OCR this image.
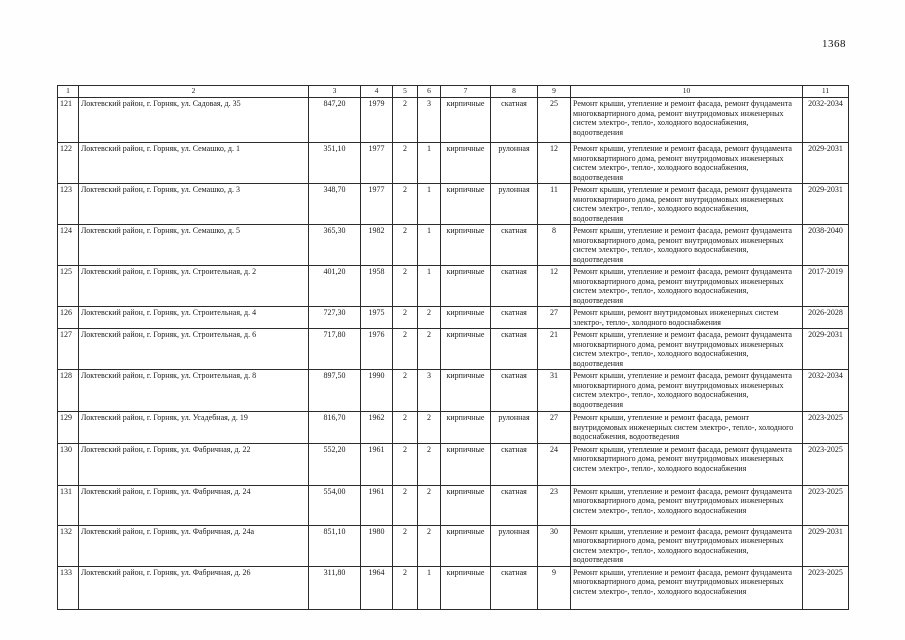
1368
1	2	3	4	5	6	7	8	9	10	11
121	Локтевский район, г. Горняк, ул. Садовая, д. 35	847,20	1979	2	3	кирпичные	скатная	25	Ремонт крыши, утепление и ремонт фасада, ремонт фундамента многоквартирного дома, ремонт внутридомовых инженерных систем электро-, тепло-, холодного водоснабжения, водоотведения	2032-2034
122	Локтевский район, г. Горняк, ул. Семашко, д. 1	351,10	1977	2	1	кирпичные	рулонная	12	Ремонт крыши, утепление и ремонт фасада, ремонт фундамента многоквартирного дома, ремонт внутридомовых инженерных систем электро-, тепло-, холодного водоснабжения, водоотведения	2029-2031
123	Локтевский район, г. Горняк, ул. Семашко, д. 3	348,70	1977	2	1	кирпичные	рулонная	11	Ремонт крыши, утепление и ремонт фасада, ремонт фундамента многоквартирного дома, ремонт внутридомовых инженерных систем электро-, тепло-, холодного водоснабжения, водоотведения	2029-2031
124	Локтевский район, г. Горняк, ул. Семашко, д. 5	365,30	1982	2	1	кирпичные	скатная	8	Ремонт крыши, утепление и ремонт фасада, ремонт фундамента многоквартирного дома, ремонт внутридомовых инженерных систем электро-, тепло-, холодного водоснабжения, водоотведения	2038-2040
125	Локтевский район, г. Горняк, ул. Строительная, д. 2	401,20	1958	2	1	кирпичные	скатная	12	Ремонт крыши, утепление и ремонт фасада, ремонт фундамента многоквартирного дома, ремонт внутридомовых инженерных систем электро-, тепло-, холодного водоснабжения, водоотведения	2017-2019
126	Локтевский район, г. Горняк, ул. Строительная, д. 4	727,30	1975	2	2	кирпичные	скатная	27	Ремонт крыши, ремонт внутридомовых инженерных систем электро-, тепло-, холодного водоснабжения	2026-2028
127	Локтевский район, г. Горняк, ул. Строительная, д. 6	717,80	1976	2	2	кирпичные	скатная	21	Ремонт крыши, утепление и ремонт фасада, ремонт фундамента многоквартирного дома, ремонт внутридомовых инженерных систем электро-, тепло-, холодного водоснабжения, водоотведения	2029-2031
128	Локтевский район, г. Горняк, ул. Строительная, д. 8	897,50	1990	2	3	кирпичные	скатная	31	Ремонт крыши, утепление и ремонт фасада, ремонт фундамента многоквартирного дома, ремонт внутридомовых инженерных систем электро-, тепло-, холодного водоснабжения, водоотведения	2032-2034
129	Локтевский район, г. Горняк, ул. Усадебная, д. 19	816,70	1962	2	2	кирпичные	рулонная	27	Ремонт крыши, утепление и ремонт фасада, ремонт внутридомовых инженерных систем электро-, тепло-, холодного водоснабжения, водоотведения	2023-2025
130	Локтевский район, г. Горняк, ул. Фабричная, д. 22	552,20	1961	2	2	кирпичные	скатная	24	Ремонт крыши, утепление и ремонт фасада, ремонт фундамента многоквартирного дома, ремонт внутридомовых инженерных систем электро-, тепло-, холодного водоснабжения	2023-2025
131	Локтевский район, г. Горняк, ул. Фабричная, д. 24	554,00	1961	2	2	кирпичные	скатная	23	Ремонт крыши, утепление и ремонт фасада, ремонт фундамента многоквартирного дома, ремонт внутридомовых инженерных систем электро-, тепло-, холодного водоснабжения	2023-2025
132	Локтевский район, г. Горняк, ул. Фабричная, д. 24а	851,10	1980	2	2	кирпичные	рулонная	30	Ремонт крыши, утепление и ремонт фасада, ремонт фундамента многоквартирного дома, ремонт внутридомовых инженерных систем электро-, тепло-, холодного водоснабжения, водоотведения	2029-2031
133	Локтевский район, г. Горняк, ул. Фабричная, д. 26	311,80	1964	2	1	кирпичные	скатная	9	Ремонт крыши, утепление и ремонт фасада, ремонт фундамента многоквартирного дома, ремонт внутридомовых инженерных систем электро-, тепло-, холодного водоснабжения	2023-2025
